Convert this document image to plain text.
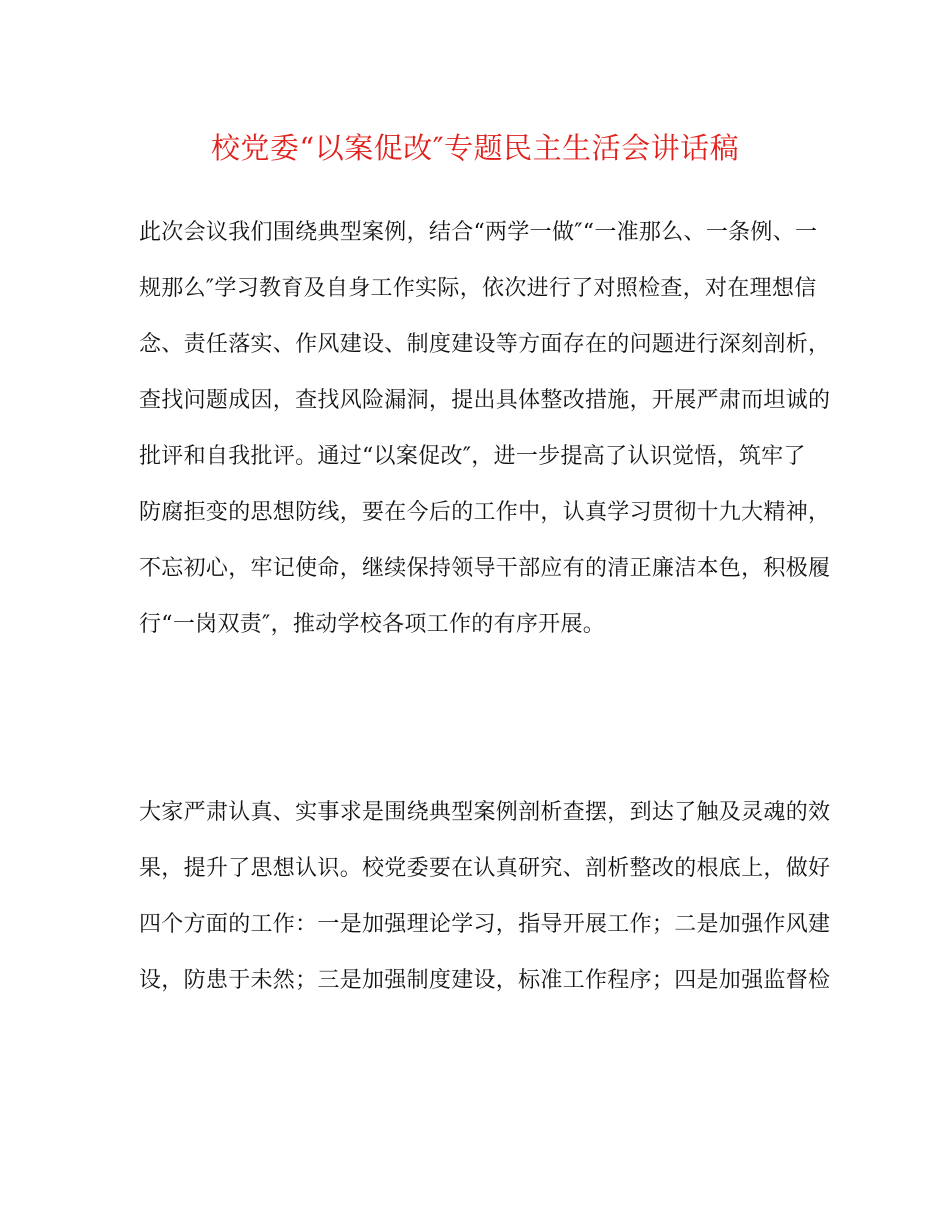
校党委“以案促改″专题民主生活会讲话稿
此次会议我们围绕典型案例，结合“两学一做″“一准那么、一条例、一
规那么″学习教育及自身工作实际，依次进行了对照检查，对在理想信
念、责任落实、作风建设、制度建设等方面存在的问题进行深刻剖析，
查找问题成因，查找风险漏洞，提出具体整改措施，开展严肃而坦诚的
批评和自我批评。通过“以案促改″，进一步提高了认识觉悟，筑牢了
防腐拒变的思想防线，要在今后的工作中，认真学习贯彻十九大精神，
不忘初心，牢记使命，继续保持领导干部应有的清正廉洁本色，积极履
行“一岗双责″，推动学校各项工作的有序开展。
大家严肃认真、实事求是围绕典型案例剖析查摆，到达了触及灵魂的效
果，提升了思想认识。校党委要在认真研究、剖析整改的根底上，做好
四个方面的工作：一是加强理论学习，指导开展工作；二是加强作风建
设，防患于未然；三是加强制度建设，标准工作程序；四是加强监督检
